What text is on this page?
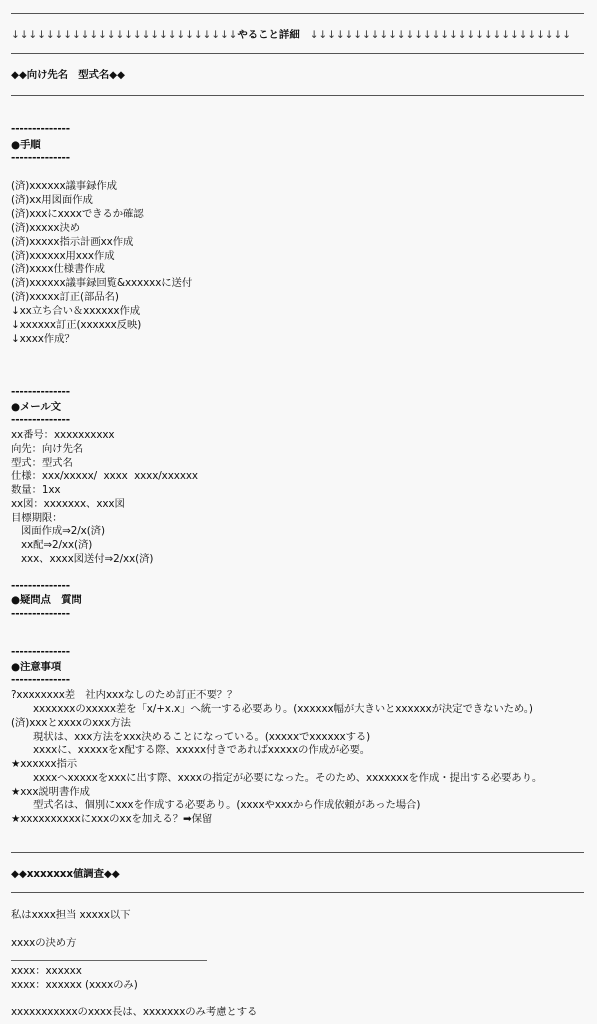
↓↓↓↓↓↓↓↓↓↓↓↓↓↓↓↓↓↓↓↓↓↓↓↓↓↓やること詳細 ↓↓↓↓↓↓↓↓↓↓↓↓↓↓↓↓↓↓↓↓↓↓↓↓↓↓↓↓↓↓
◆◆向け先名　型式名◆◆
--------------
●手順
--------------
(済)xxxxxx議事録作成
(済)xx用図面作成
(済)xxxにxxxxできるか確認
(済)xxxxx決め
(済)xxxxx指示計画xx作成
(済)xxxxxx用xxx作成
(済)xxxx仕様書作成
(済)xxxxxx議事録回覧&xxxxxxに送付
(済)xxxxx訂正(部品名)
↓xx立ち合い＆xxxxxx作成
↓xxxxxx訂正(xxxxxx反映)
↓xxxx作成？
--------------
●メール文
--------------
xx番号：xxxxxxxxxx
向先：向け先名
型式：型式名
仕様：xxx/xxxxx/  xxxx  xxxx/xxxxxx
数量：1xx
xx図：xxxxxxx、xxx図
目標期限：
図面作成⇒2/x(済)
xx配⇒2/xx(済)
xxx、xxxx図送付⇒2/xx(済)
--------------
●疑問点　質問
--------------
--------------
●注意事項
--------------
?xxxxxxxx差　社内xxxなしのため訂正不要？？
xxxxxxxのxxxxx差を「x/+x.x」へ統一する必要あり。(xxxxxx幅が大きいとxxxxxxが決定できないため。)
(済)xxxとxxxxのxxx方法
現状は、xxx方法をxxx決めることになっている。(xxxxxでxxxxxxする)
xxxxに、xxxxxをx配する際、xxxxx付きであればxxxxxの作成が必要。
★xxxxxx指示
xxxxへxxxxxをxxxに出す際、xxxxの指定が必要になった。そのため、xxxxxxxを作成・提出する必要あり。
★xxx説明書作成
型式名は、個別にxxxを作成する必要あり。(xxxxやxxxから作成依頼があった場合)
★xxxxxxxxxxにxxxのxxを加える？➡保留
◆◆xxxxxxx値調査◆◆
私はxxxx担当 xxxxx以下
xxxxの決め方
xxxx：xxxxxx
xxxx：xxxxxx (xxxxのみ)
xxxxxxxxxxxのxxxx長は、xxxxxxxのみ考慮とする
